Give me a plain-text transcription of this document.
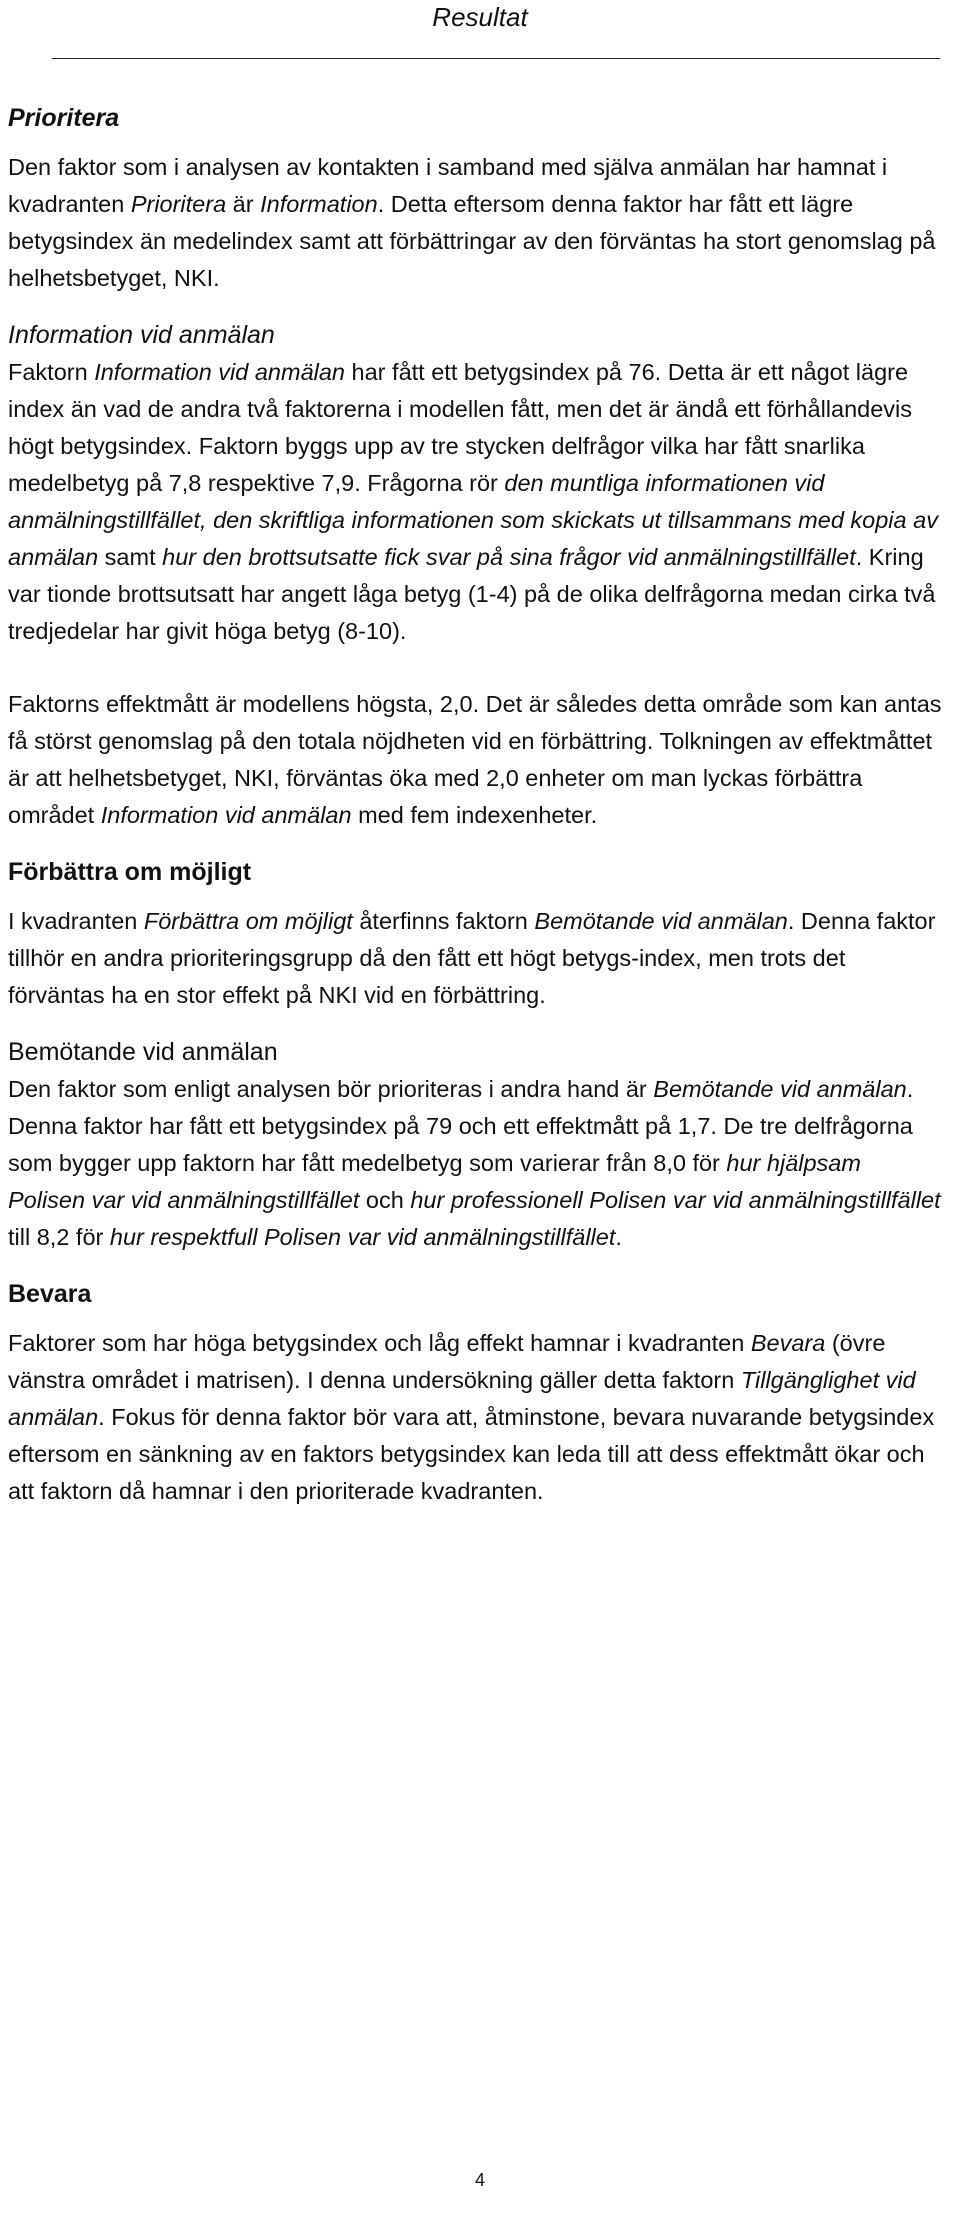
Resultat
Prioritera

Den faktor som i analysen av kontakten i samband med själva anmälan har hamnat i kvadranten Prioritera är Information. Detta eftersom denna faktor har fått ett lägre betygsindex än medelindex samt att förbättringar av den förväntas ha stort genomslag på helhetsbetyget, NKI.

Information vid anmälan

Faktorn Information vid anmälan har fått ett betygsindex på 76. Detta är ett något lägre index än vad de andra två faktorerna i modellen fått, men det är ändå ett förhållandevis högt betygsindex. Faktorn byggs upp av tre stycken delfrågor vilka har fått snarlika medelbetyg på 7,8 respektive 7,9. Frågorna rör den muntliga informationen vid anmälningstillfället, den skriftliga informationen som skickats ut tillsammans med kopia av anmälan samt hur den brottsutsatte fick svar på sina frågor vid anmälningstillfället. Kring var tionde brottsutsatt har angett låga betyg (1-4) på de olika delfrågorna medan cirka två tredjedelar har givit höga betyg (8-10).

Faktorns effektmått är modellens högsta, 2,0. Det är således detta område som kan antas få störst genomslag på den totala nöjdheten vid en förbättring. Tolkningen av effektmåttet är att helhetsbetyget, NKI, förväntas öka med 2,0 enheter om man lyckas förbättra området Information vid anmälan med fem indexenheter.

Förbättra om möjligt

I kvadranten Förbättra om möjligt återfinns faktorn Bemötande vid anmälan. Denna faktor tillhör en andra prioriteringsgrupp då den fått ett högt betygs-index, men trots det förväntas ha en stor effekt på NKI vid en förbättring.

Bemötande vid anmälan

Den faktor som enligt analysen bör prioriteras i andra hand är Bemötande vid anmälan. Denna faktor har fått ett betygsindex på 79 och ett effektmått på 1,7. De tre delfrågorna som bygger upp faktorn har fått medelbetyg som varierar från 8,0 för hur hjälpsam Polisen var vid anmälningstillfället och hur professionell Polisen var vid anmälningstillfället till 8,2 för hur respektfull Polisen var vid anmälningstillfället.

Bevara

Faktorer som har höga betygsindex och låg effekt hamnar i kvadranten Bevara (övre vänstra området i matrisen). I denna undersökning gäller detta faktorn Tillgänglighet vid anmälan. Fokus för denna faktor bör vara att, åtminstone, bevara nuvarande betygsindex eftersom en sänkning av en faktors betygsindex kan leda till att dess effektmått ökar och att faktorn då hamnar i den prioriterade kvadranten.

4
